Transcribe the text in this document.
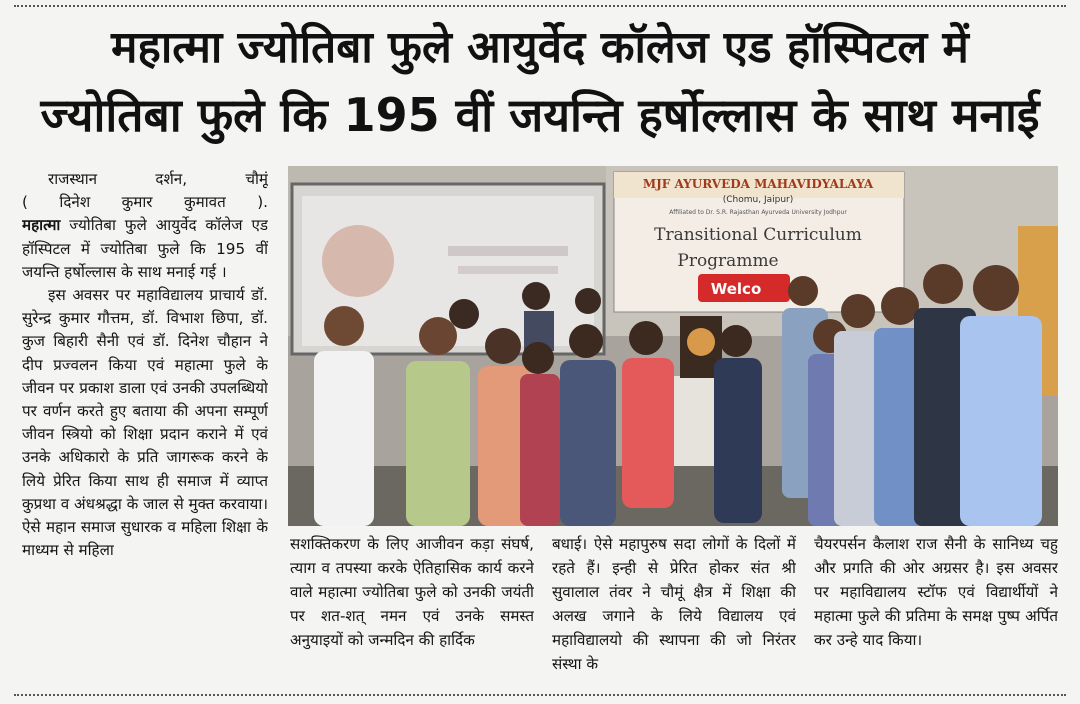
महात्मा ज्योतिबा फुले आयुर्वेद कॉलेज एड हॉस्पिटल में
ज्योतिबा फुले कि 195 वीं जयन्ति हर्षोल्लास के साथ मनाई

राजस्थान दर्शन, चौमूं

( दिनेश कुमार कुमावत ).

महात्मा ज्योतिबा फुले आयुर्वेद कॉलेज एड हॉस्पिटल में ज्योतिबा फुले कि 195 वीं जयन्ति हर्षोल्लास के साथ मनाई गई ।

इस अवसर पर महाविद्यालय प्राचार्य डॉ. सुरेन्द्र कुमार गौत्तम, डॉ. विभाश छिपा, डॉ. कुज बिहारी सैनी एवं डॉ. दिनेश चौहान ने दीप प्रज्वलन किया एवं महात्मा फुले के जीवन पर प्रकाश डाला एवं उनकी उपलब्धियो पर वर्णन करते हुए बताया की अपना सम्पूर्ण जीवन स्त्रियो को शिक्षा प्रदान कराने में एवं उनके अधिकारो के प्रति जागरूक करने के लिये प्रेरित किया साथ ही समाज में व्याप्त कुप्रथा व अंधश्रद्धा के जाल से मुक्त करवाया। ऐसे महान समाज सुधारक व महिला शिक्षा के माध्यम से महिला

MJF AYURVEDA MAHAVIDYALAYA
(Chomu, Jaipur)
Affiliated to Dr. S.R. Rajasthan Ayurveda University Jodhpur
Transitional Curriculum
Programme
Welco
सशक्तिकरण के लिए आजीवन कड़ा संघर्ष, त्याग व तपस्या करके ऐतिहासिक कार्य करने वाले महात्मा ज्योतिबा फुले को उनकी जयंती पर शत-शत् नमन एवं उनके समस्त अनुयाइयों को जन्मदिन की हार्दिक
बधाई। ऐसे महापुरुष सदा लोगों के दिलों में रहते हैं। इन्ही से प्रेरित होकर संत श्री सुवालाल तंवर ने चौमूं क्षैत्र में शिक्षा की अलख जगाने के लिये विद्यालय एवं महाविद्यालयो की स्थापना की जो निरंतर संस्था के
चैयरपर्सन कैलाश राज सैनी के सानिध्य चहु और प्रगति की ओर अग्रसर है। इस अवसर पर महाविद्यालय स्टॉफ एवं विद्यार्थीयों ने महात्मा फुले की प्रतिमा के समक्ष पुष्प अर्पित कर उन्हे याद किया।
